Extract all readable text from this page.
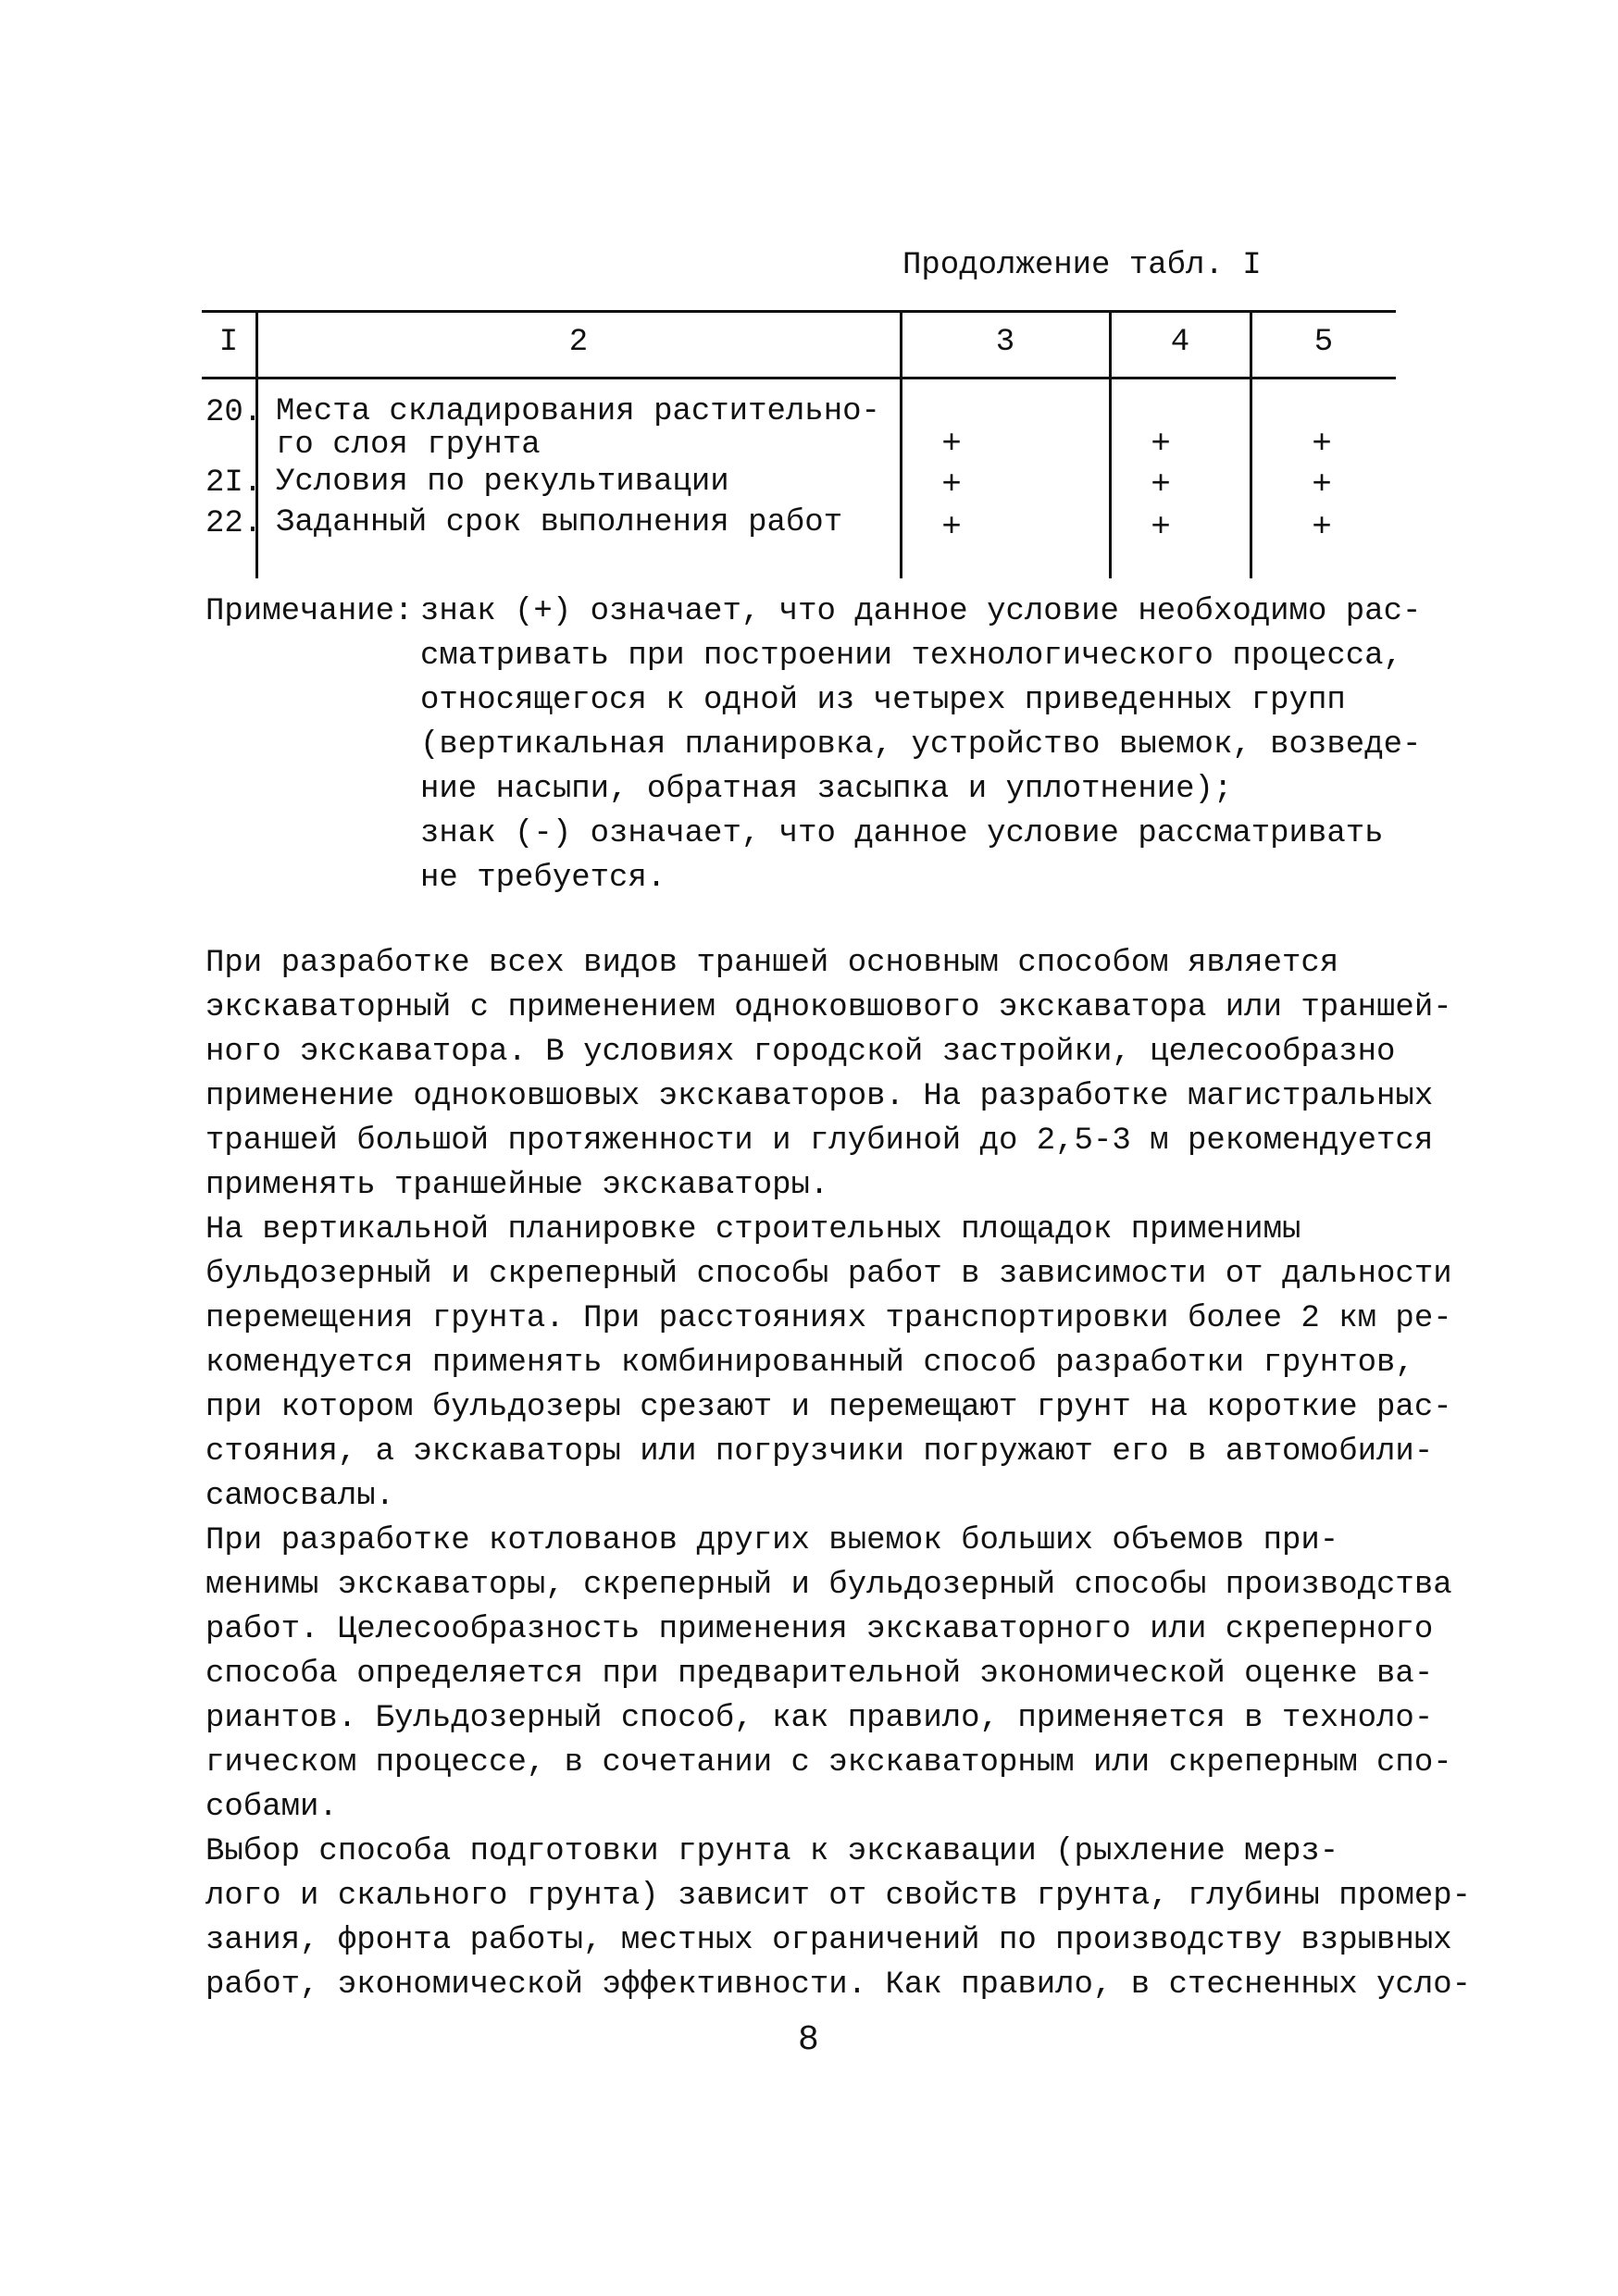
Продолжение табл. I
I	2	3	4	5
20. Места складирования растительно-
го слоя грунта	+	+	+
2I. Условия по рекультивации	+	+	+
22. Заданный срок выполнения работ	+	+	+
Примечание: знак (+) означает, что данное условие необходимо рас-
сматривать при построении технологического процесса,
относящегося к одной из четырех приведенных групп
(вертикальная планировка, устройство выемок, возведе-
ние насыпи, обратная засыпка и уплотнение);
знак (-) означает, что данное условие рассматривать
не требуется.
При разработке всех видов траншей основным способом является
экскаваторный с применением одноковшового экскаватора или траншей-
ного экскаватора. В условиях городской застройки, целесообразно
применение одноковшовых экскаваторов. На разработке магистральных
траншей большой протяженности и глубиной до 2,5-3 м рекомендуется
применять траншейные экскаваторы.
На вертикальной планировке строительных площадок применимы
бульдозерный и скреперный способы работ в зависимости от дальности
перемещения грунта. При расстояниях транспортировки более 2 км ре-
комендуется применять комбинированный способ разработки грунтов,
при котором бульдозеры срезают и перемещают грунт на короткие рас-
стояния, а экскаваторы или погрузчики погружают его в автомобили-
самосвалы.
При разработке котлованов других выемок больших объемов при-
менимы экскаваторы, скреперный и бульдозерный способы производства
работ. Целесообразность применения экскаваторного или скреперного
способа определяется при предварительной экономической оценке ва-
риантов. Бульдозерный способ, как правило, применяется в техноло-
гическом процессе, в сочетании с экскаваторным или скреперным спо-
собами.
Выбор способа подготовки грунта к экскавации (рыхление мерз-
лого и скального грунта) зависит от свойств грунта, глубины промер-
зания, фронта работы, местных ограничений по производству взрывных
работ, экономической эффективности. Как правило, в стесненных усло-
8
